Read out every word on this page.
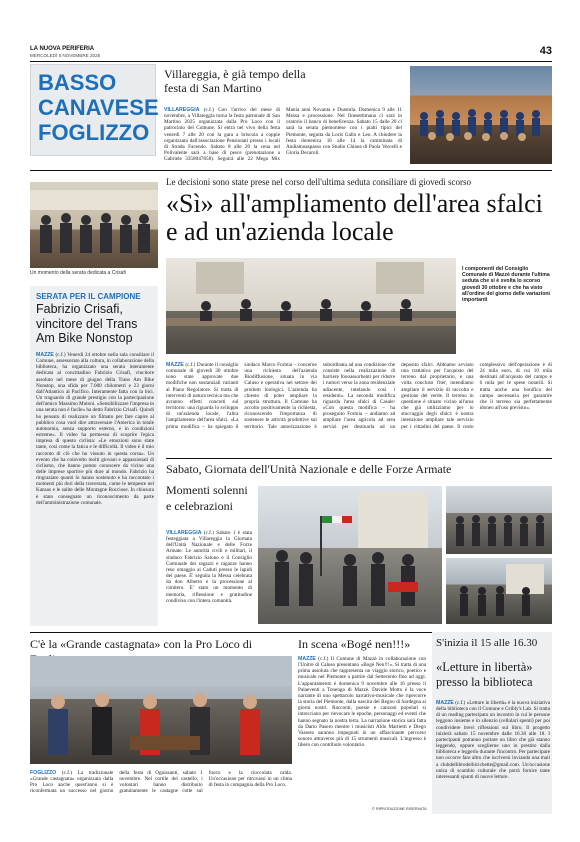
LA NUOVA PERIFERIA
MERCOLEDÌ 5 NOVEMBRE 2025	43
BASSO
CANAVESE
FOGLIZZO
Villareggia, è già tempo della festa di San Martino
VILLAREGGIA (c.f.) Con l'arrivo del mese di novembre, a Villareggia torna la festa patronale di San Martino 2025 organizzata dalla Pro Loco con il patrocinio del Comune. Si entra nel vivo della festa venerdì 7 alle 20 con la gara a briscola a coppie organizzata dall'associazione Pensionati presso i locali di Strada Facendo. Sabato 8 alle 20 la cena nel Polivalente sarà a base di pesce (prenotazione a Gabriele 3358047858). Seguirà alle 22 Mega Mix Mania anni Novanta e Duemila. Domenica 9 alle 11 Messa e processione. Nel finesettimana ci sarà in oratorio il banco di beneficenza. Sabato 15 dalle 20 ci sarà la serata piemontese con i piatti tipici del Piemonte, seguita da Loris Gallo e Leo. A chiudere la festa domenica 16 alle 14 la camminata di Andiamoaspasso con Studio Chinea di Paola Vercelli e Gloria Decaroli.
Un momento della serata dedicata a Crisafi
SERATA PER IL CAMPIONE
Fabrizio Crisafi, vincitore del Trans Am Bike Nonstop
MAZZÈ (c.f.) Venerdì 24 ottobre nella sala consiliare il Comune, assessorato alla cultura, in collaborazione della biblioteca, ha organizzato una serata interamente dedicata al concittadino Fabrizio Crisafi, vincitore assoluto nel mese di giugno della Trans Am Bike Nonstop, una sfida per 7.000 chilometri e 23 giorni dall'Atlantico al Pacifico. Interamente fatta con la bici. Un traguardo di grande prestigio con la partecipazione dell'amico Massimo Mutoni. «Sensibilizzare l'impresa in una serata non è facile» ha detto Fabrizio Crisafi. Quindi ho pensato di realizzare un filmato per fare capire al pubblico cosa vuol dire attraversare l'America in totale autonomia, senza supporto esterno, e in condizioni estreme». Il video ha permesso di scoprire l'epica impresa di questo ciclista: «Le emozioni sono state tante, così come la fatica e le difficoltà. Il video è il mio racconto di ciò che ho vissuto in questa corsa». Un evento che ha coinvolto molti giovani e appassionati di ciclismo, che hanno potuto conoscere da vicino una delle imprese sportive più dure al mondo. Fabrizio ha ringraziato quanti lo hanno sostenuto e ha raccontato i momenti più duri della traversata, come le tempeste nel Kansas e le salite delle Montagne Rocciose. In chiusura è stato consegnato un riconoscimento da parte dell'amministrazione comunale.
Le decisioni sono state prese nel corso dell'ultima seduta consiliare di giovedì scorso
«Sì» all'ampliamento dell'area sfalci e ad un'azienda locale
I componenti del Consiglio Comunale di Mazzè durante l'ultima seduta che si è svolta lo scorso giovedì 30 ottobre e che ha visto all'ordine del giorno delle variazioni importanti
MAZZÈ (c.f.) Durante il consiglio comunale di giovedì 30 ottobre sono state approvate due modifiche non sostanziali varianti al Piano Regolatore. Si tratta di interventi di natura tecnica ma che avranno effetti concreti sul territorio: una riguarda lo sviluppo di un'azienda locale, l'altra l'ampliamento dell'area sfalci. «La prima modifica – ha spiegato il sindaco Marco Formia – concerne una richiesta dell'azienda Biodiffusione, situata in via Caluso e operativa nel settore dei prodotti biologici. L'azienda ha chiesto di poter ampliare la propria struttura. Il Comune ha accolto positivamente la richiesta, riconoscendo l'importanza di sostenere le attività produttive sul territorio. Tale autorizzazione è subordinata ad una condizione che consiste nella realizzazione di barriere fonoassorbenti per ridurre i rumori verso la zona residenziale adiacente, tutelando così i residenti». La seconda modifica riguarda l'area sfalci di Casale: «Con questa modifica – ha proseguito Formia – andiamo ad ampliare l'area agricola ad area servizi per destinarla ad un deposito sfalci. Abbiamo avviato una trattativa per l'acquisto del terreno dal proprietario, e una volta concluso l'iter, intendiamo ampliare il servizio di raccolta e gestione del verde. Il terreno in questione è situato vicino all'area che già utilizziamo per lo stoccaggio degli sfalci: è nostra intenzione ampliare tale servizio per i cittadini del paese. Il costo complessivo dell'operazione è di 24 mila euro, di cui 10 mila destinati all'acquisto del campo e 6 mila per le spese notarili. Si tratta anche una bonifica del campo necessaria per garantire che il terreno sia perfettamente idoneo all'uso previsto».
Sabato, Giornata dell'Unità Nazionale e delle Forze Armate
Momenti solenni e celebrazioni
VILLAREGGIA (c.f.) Sabato 1 è stata festeggiata a Villareggia la Giornata dell'Unità Nazionale e delle Forze Armate. Le autorità civili e militari, il sindaco Fabrizio Salono e il Consiglio Comunale dei ragazzi e ragazze hanno reso omaggio ai Caduti presso le lapidi del paese. E' seguita la Messa celebrata da don Alberto e la processione al cimitero. E' stato un momento di memoria, riflessione e gratitudine condiviso con l'intera comunità.
C'è la «Grande castagnata» con la Pro Loco di
FOGLIZZO (c.f.) La tradizionale «Grande castagnata» organizzata dalla Pro Loco anche quest'anno si è riconfermata un successo nel giorno della festa di Ognissanti, sabato 1 novembre. Nel cortile del castello, i volontari hanno distribuito gratuitamente le castagne cotte sul fuoco e la cioccolata calda. Un'occasione per ritrovarsi in un clima di festa in compagnia della Pro Loco.
In scena «Bogé nen!!!»
MAZZÈ (c.f.) Il Comune di Mazzè in collaborazione con l'Unitre di Caluso presentano «Bogé Nen!!!». Si tratta di una prima assoluta che rappresenta un viaggio storico, poetico e musicale nel Piemonte a partire dal Settecento fino ad oggi. L'appuntamento è domenica 9 novembre alle 16 presso il Palaeventi a Tonengo di Mazzè. Davide Motto è la voce narrante di uno spettacolo narrativo-musicale che ripercorre la storia del Piemonte, dalla nascita del Regno di Sardegna ai giorni nostri. Racconti, poesie e canzoni popolari si intrecciano per rievocare le epoche, personaggi ed eventi che hanno segnato la nostra terra. La narrazione storica sarà fatta da Dario Pasero mentre i musicisti Aldo Martietti e Diego Vassero saranno impegnati in un affascinante percorso sonoro attraverso più di 15 strumenti musicali. L'ingresso è libero con contributo volontario.
© RIPRODUZIONE RISERVATA
S'inizia il 15 alle 16.30
«Letture in libertà» presso la biblioteca
MAZZÈ (c.f.) «Letture in libertà» è la nuova iniziativa della biblioteca con il Comune e Gribly's Lab. Si tratta di un reading partecipato un incontro in cui le persone leggono insieme e in silenzio (cellulari spenti) per poi condividere brevi riflessioni sul libro. Il progetto inizierà sabato 15 novembre dalle 16.30 alle 18. I partecipanti potranno portare un libro che già stanno leggendo, oppure sceglierne uno in prestito dalla biblioteca e leggerlo durante l'incontro. Per partecipare non occorre fare altro che iscriversi inviando una mail a clubdellibrodeibicichette@gmail.com. Un'occasione unica di scambio culturale che potrà fornire tante interessanti spunti di nuove letture.
